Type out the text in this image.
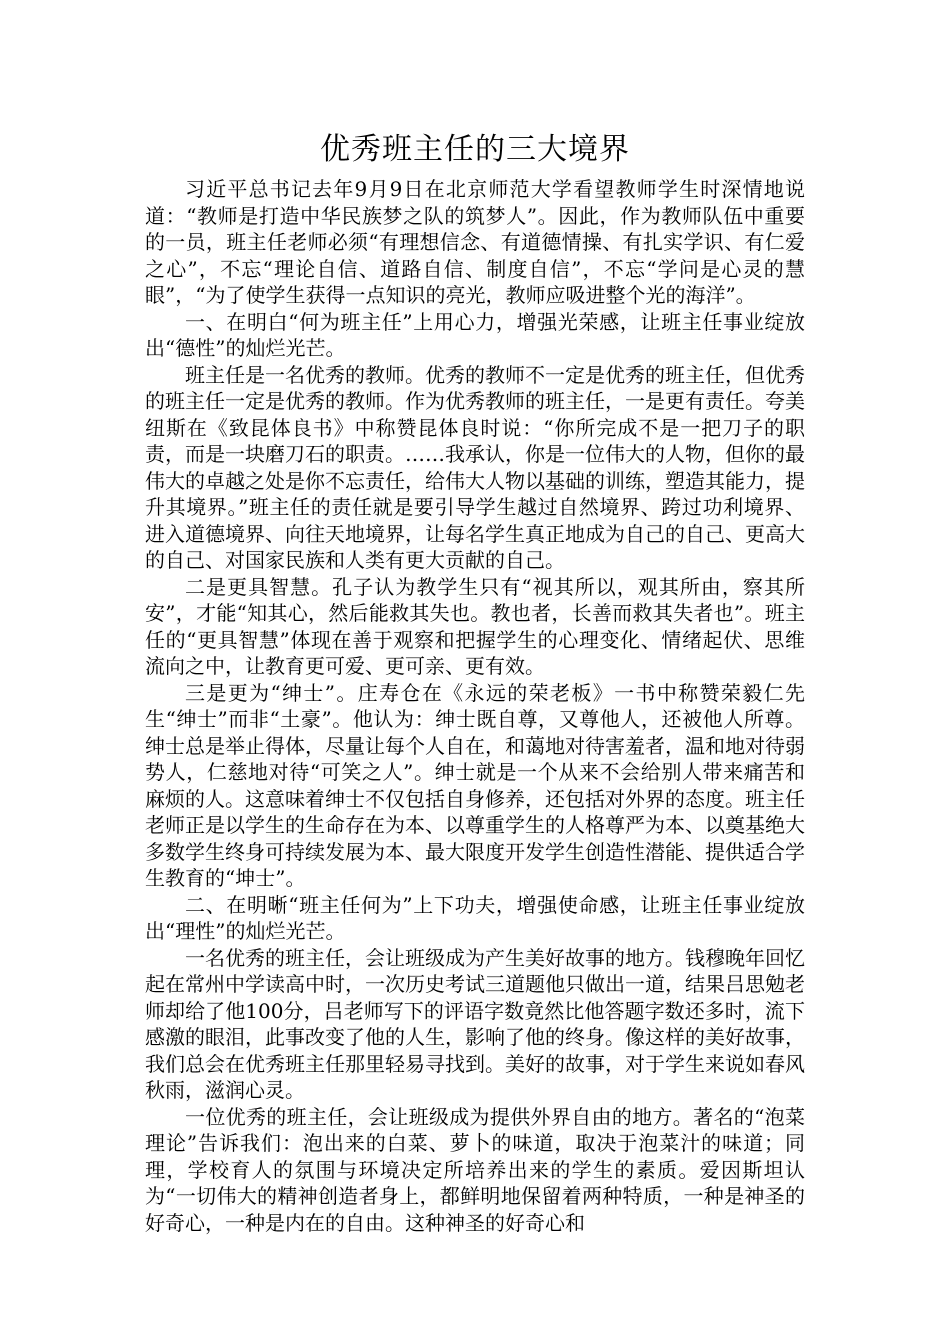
优秀班主任的三大境界

习近平总书记去年9月9日在北京师范大学看望教师学生时深情地说道：“教师是打造中华民族梦之队的筑梦人”。因此，作为教师队伍中重要的一员，班主任老师必须“有理想信念、有道德情操、有扎实学识、有仁爱之心”，不忘“理论自信、道路自信、制度自信”，不忘“学问是心灵的慧眼”，“为了使学生获得一点知识的亮光，教师应吸进整个光的海洋”。

一、在明白“何为班主任”上用心力，增强光荣感，让班主任事业绽放出“德性”的灿烂光芒。

班主任是一名优秀的教师。优秀的教师不一定是优秀的班主任，但优秀的班主任一定是优秀的教师。作为优秀教师的班主任，一是更有责任。夸美纽斯在《致昆体良书》中称赞昆体良时说：“你所完成不是一把刀子的职责，而是一块磨刀石的职责。……我承认，你是一位伟大的人物，但你的最伟大的卓越之处是你不忘责任，给伟大人物以基础的训练，塑造其能力，提升其境界。”班主任的责任就是要引导学生越过自然境界、跨过功利境界、进入道德境界、向往天地境界，让每名学生真正地成为自己的自己、更高大的自己、对国家民族和人类有更大贡献的自己。

二是更具智慧。孔子认为教学生只有“视其所以，观其所由，察其所安”，才能“知其心，然后能救其失也。教也者，长善而救其失者也”。班主任的“更具智慧”体现在善于观察和把握学生的心理变化、情绪起伏、思维流向之中，让教育更可爱、更可亲、更有效。

三是更为“绅士”。庄寿仓在《永远的荣老板》一书中称赞荣毅仁先生“绅士”而非“土豪”。他认为：绅士既自尊，又尊他人，还被他人所尊。绅士总是举止得体，尽量让每个人自在，和蔼地对待害羞者，温和地对待弱势人，仁慈地对待“可笑之人”。绅士就是一个从来不会给别人带来痛苦和麻烦的人。这意味着绅士不仅包括自身修养，还包括对外界的态度。班主任老师正是以学生的生命存在为本、以尊重学生的人格尊严为本、以奠基绝大多数学生终身可持续发展为本、最大限度开发学生创造性潜能、提供适合学生教育的“坤士”。

二、在明晰“班主任何为”上下功夫，增强使命感，让班主任事业绽放出“理性”的灿烂光芒。

一名优秀的班主任，会让班级成为产生美好故事的地方。钱穆晚年回忆起在常州中学读高中时，一次历史考试三道题他只做出一道，结果吕思勉老师却给了他100分，吕老师写下的评语字数竟然比他答题字数还多时，流下感激的眼泪，此事改变了他的人生，影响了他的终身。像这样的美好故事，我们总会在优秀班主任那里轻易寻找到。美好的故事，对于学生来说如春风秋雨，滋润心灵。

一位优秀的班主任，会让班级成为提供外界自由的地方。著名的“泡菜理论”告诉我们：泡出来的白菜、萝卜的味道，取决于泡菜汁的味道；同理，学校育人的氛围与环境决定所培养出来的学生的素质。爱因斯坦认为“一切伟大的精神创造者身上，都鲜明地保留着两种特质，一种是神圣的好奇心，一种是内在的自由。这种神圣的好奇心和
